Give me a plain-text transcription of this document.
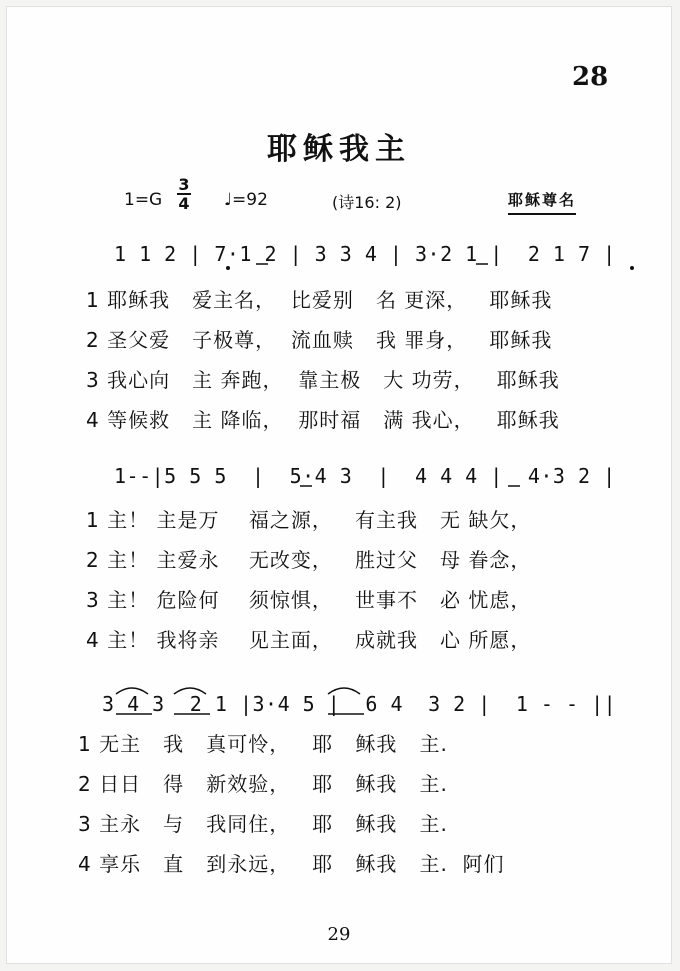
28
耶稣我主
1=G
3
4 ♩=92	(诗16: 2)	耶稣尊名
1 1 2 | 7·1 2 | 3 3 4 | 3·2 1 |  2 1 7 |
1 耶稣我   爱主名，  比爱别   名 更深，   耶稣我
2 圣父爱   子极尊，  流血赎   我 罪身，   耶稣我
3 我心向   主 奔跑，  靠主极   大 功劳，   耶稣我
4 等候救   主 降临，  那时福   满 我心，   耶稣我
1--|5 5 5  |  5·4 3  |  4 4 4 |  4·3 2 |
1 主！ 主是万    福之源，   有主我   无 缺欠，
2 主！ 主爱永    无改变，   胜过父   母 眷念，
3 主！ 危险何    须惊惧，   世事不   必 忧虑，
4 主！ 我将亲    见主面，   成就我   心 所愿，
3 4 3  2 1 |3·4 5 |  6 4  3 2 |  1 - - ||
1 无主   我   真可怜，   耶   稣我   主.
2 日日   得   新效验，   耶   稣我   主.
3 主永   与   我同住，   耶   稣我   主.
4 享乐   直   到永远，   耶   稣我   主.  阿们
29
